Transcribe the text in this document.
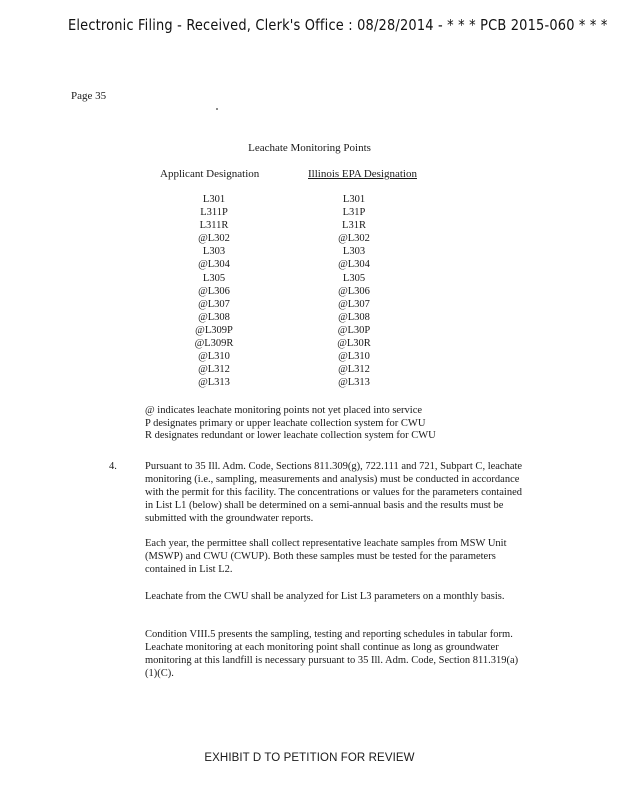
Electronic Filing - Received, Clerk's Office : 08/28/2014 - * * * PCB 2015-060 * * *
Page 35
Leachate Monitoring Points
Applicant Designation	Illinois EPA Designation
L301
L311P
L311R
@L302
L303
@L304
L305
@L306
@L307
@L308
@L309P
@L309R
@L310
@L312
@L313
L301
L31P
L31R
@L302
L303
@L304
L305
@L306
@L307
@L308
@L30P
@L30R
@L310
@L312
@L313
@ indicates leachate monitoring points not yet placed into service
P designates primary or upper leachate collection system for CWU
R designates redundant or lower leachate collection system for CWU
4.	Pursuant to 35 Ill. Adm. Code, Sections 811.309(g), 722.111 and 721, Subpart C, leachate monitoring (i.e., sampling, measurements and analysis) must be conducted in accordance with the permit for this facility. The concentrations or values for the parameters contained in List L1 (below) shall be determined on a semi-annual basis and the results must be submitted with the groundwater reports.

Each year, the permittee shall collect representative leachate samples from MSW Unit (MSWP) and CWU (CWUP). Both these samples must be tested for the parameters contained in List L2.

Leachate from the CWU shall be analyzed for List L3 parameters on a monthly basis.

Condition VIII.5 presents the sampling, testing and reporting schedules in tabular form. Leachate monitoring at each monitoring point shall continue as long as groundwater monitoring at this landfill is necessary pursuant to 35 Ill. Adm. Code, Section 811.319(a)(1)(C).

EXHIBIT D TO PETITION FOR REVIEW
